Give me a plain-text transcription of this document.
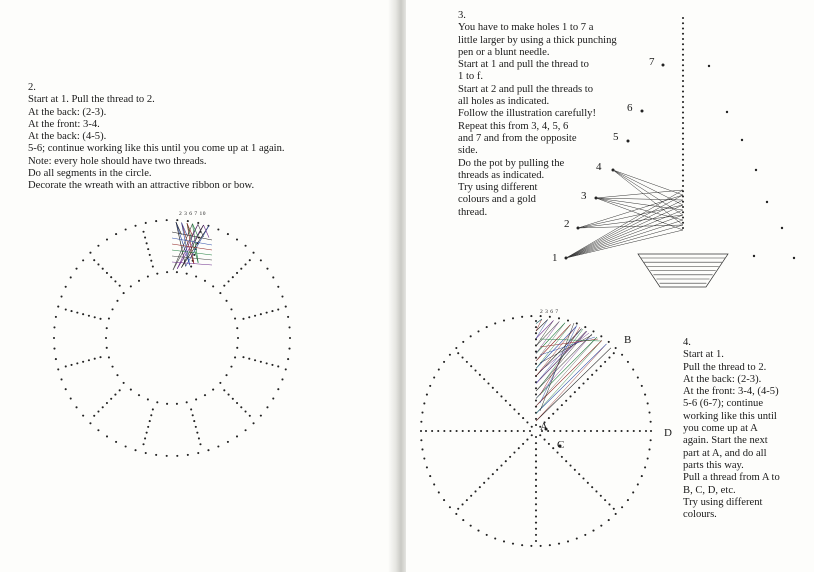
2.
Start at 1. Pull the thread to 2.
At the back: (2-3).
At the front: 3-4.
At the back: (4-5).
5-6; continue working like this until you come up at 1 again.
Note: every hole should have two threads.
Do all segments in the circle.
Decorate the wreath with an attractive ribbon or bow.
2 3 6 7 10
3.
You have to make holes 1 to 7 a
little larger by using a thick punching
pen or a blunt needle.
Start at 1 and pull the thread to
1 to f.
Start at 2 and pull the threads to
all holes as indicated.
Follow the illustration carefully!
Repeat this from 3, 4, 5, 6
and 7 and from the opposite
side.
Do the pot by pulling the
threads as indicated.
Try using different
colours and a gold
thread.
1
2
3
4
5
6
7
A
B
C
D
2 3 6 7
4.
Start at 1.
Pull the thread to 2.
At the back: (2-3).
At the front: 3-4, (4-5)
5-6 (6-7); continue
working like this until
you come up at A
again. Start the next
part at A, and do all
parts this way.
Pull a thread from A to
B, C, D, etc.
Try using different
colours.
